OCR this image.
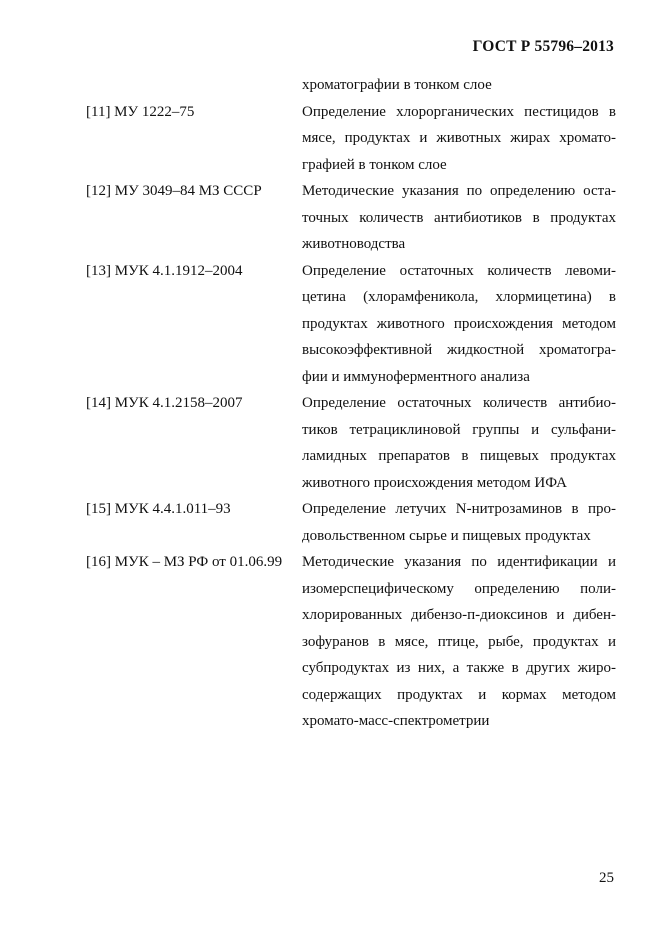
ГОСТ Р 55796–2013
хроматографии в тонком слое
[11] МУ 1222–75	Определение хлорорганических пестицидов в
мясе, продуктах и животных жирах хромато-
графией в тонком слое
[12] МУ 3049–84 МЗ СССР	Методические указания по определению оста-
точных количеств антибиотиков в продуктах
животноводства
[13] МУК 4.1.1912–2004	Определение остаточных количеств левоми-
цетина (хлорамфеникола, хлормицетина) в
продуктах животного происхождения методом
высокоэффективной жидкостной хроматогра-
фии и иммуноферментного анализа
[14] МУК 4.1.2158–2007	Определение остаточных количеств антибио-
тиков тетрациклиновой группы и сульфани-
ламидных препаратов в пищевых продуктах
животного происхождения методом ИФА
[15] МУК 4.4.1.011–93	Определение летучих N-нитрозаминов в про-
довольственном сырье и пищевых продуктах
[16] МУК – МЗ РФ от 01.06.99	Методические указания по идентификации и
изомерспецифическому определению поли-
хлорированных дибензо-п-диоксинов и дибен-
зофуранов в мясе, птице, рыбе, продуктах и
субпродуктах из них, а также в других жиро-
содержащих продуктах и кормах методом
хромато-масс-спектрометрии
25
